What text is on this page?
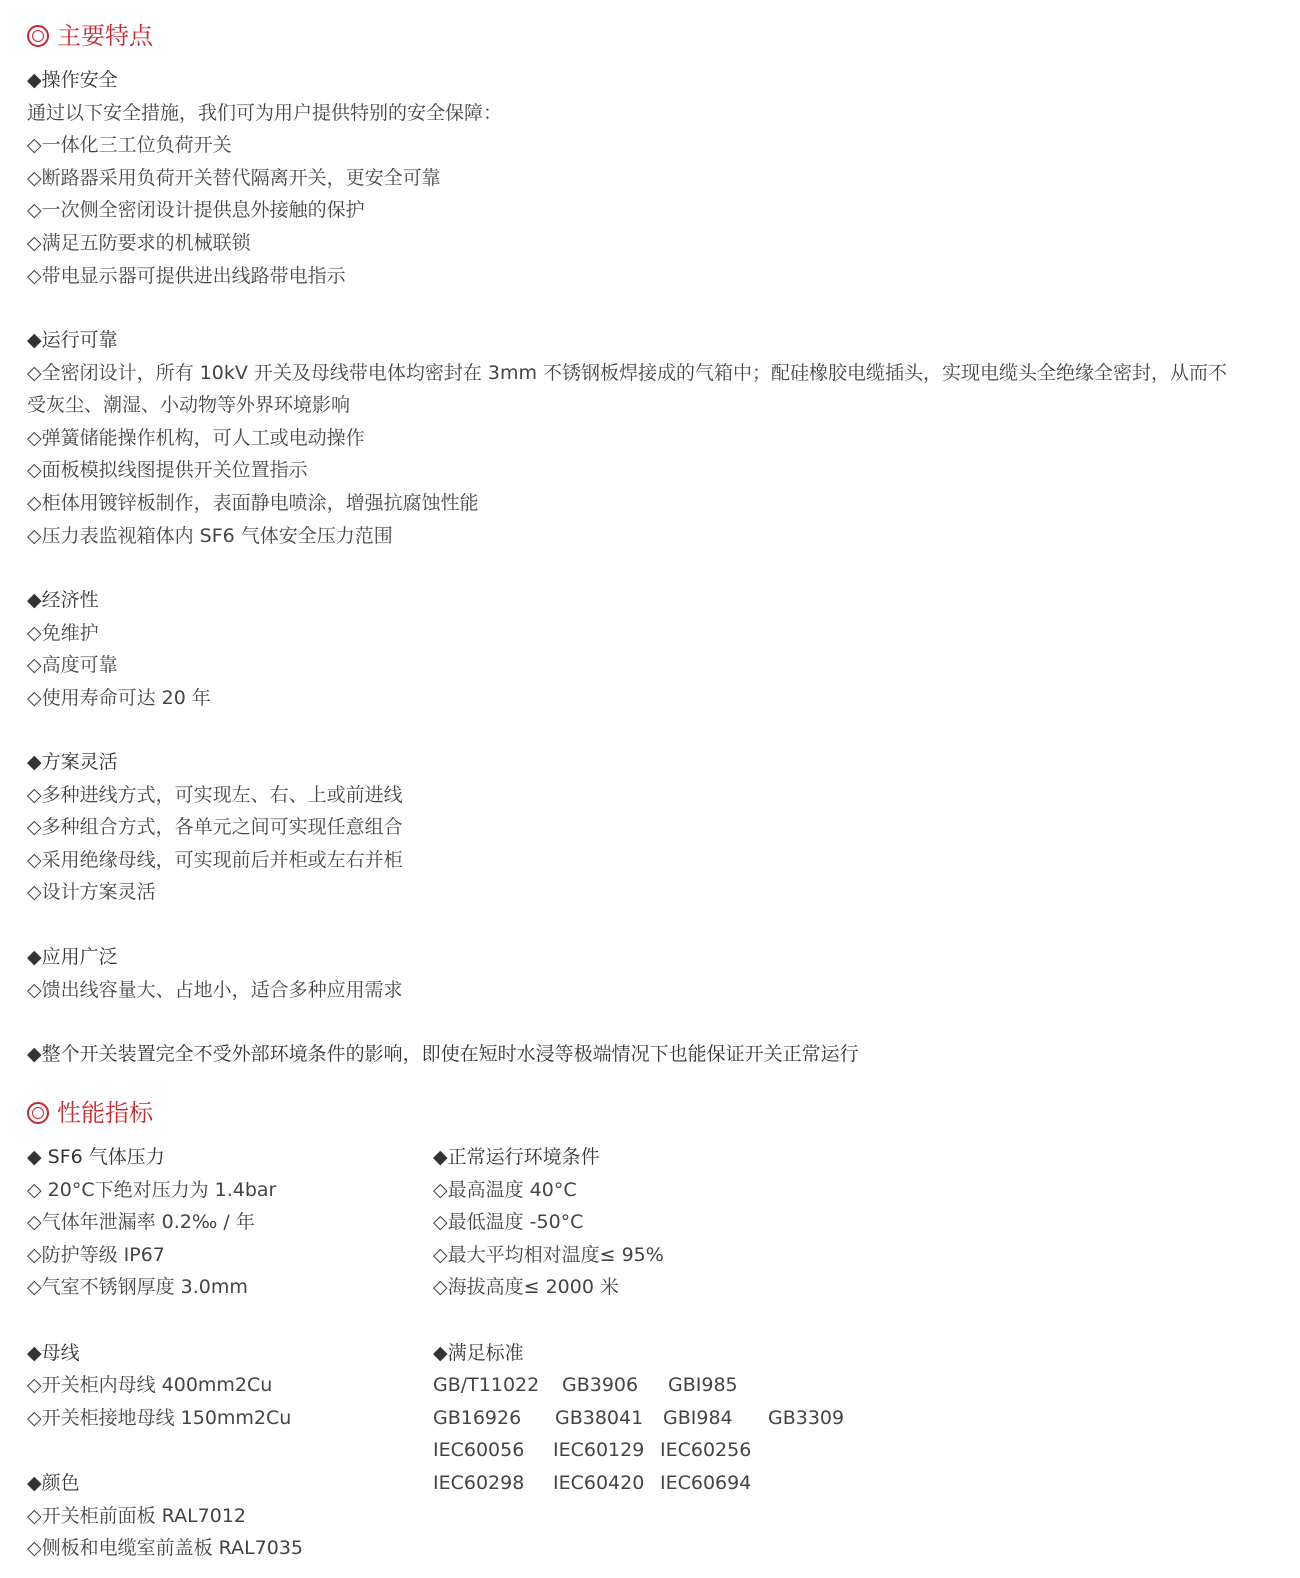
主要特点
◆操作安全
通过以下安全措施，我们可为用户提供特别的安全保障：
◇一体化三工位负荷开关
◇断路器采用负荷开关替代隔离开关，更安全可靠
◇一次侧全密闭设计提供息外接触的保护
◇满足五防要求的机械联锁
◇带电显示器可提供进出线路带电指示
◆运行可靠
◇全密闭设计，所有 10kV 开关及母线带电体均密封在 3mm 不锈钢板焊接成的气箱中；配硅橡胶电缆插头，实现电缆头全绝缘全密封，从而不受灰尘、潮湿、小动物等外界环境影响
◇弹簧储能操作机构，可人工或电动操作
◇面板模拟线图提供开关位置指示
◇柜体用镀锌板制作，表面静电喷涂，增强抗腐蚀性能
◇压力表监视箱体内 SF6 气体安全压力范围
◆经济性
◇免维护
◇高度可靠
◇使用寿命可达 20 年
◆方案灵活
◇多种进线方式，可实现左、右、上或前进线
◇多种组合方式，各单元之间可实现任意组合
◇采用绝缘母线，可实现前后并柜或左右并柜
◇设计方案灵活
◆应用广泛
◇馈出线容量大、占地小，适合多种应用需求
◆整个开关装置完全不受外部环境条件的影响，即使在短时水浸等极端情况下也能保证开关正常运行
性能指标
◆ SF6 气体压力
◇ 20°C下绝对压力为 1.4bar
◇气体年泄漏率 0.2‰ / 年
◇防护等级 IP67
◇气室不锈钢厚度 3.0mm
◆母线
◇开关柜内母线 400mm2Cu
◇开关柜接地母线 150mm2Cu
◆颜色
◇开关柜前面板 RAL7012
◇侧板和电缆室前盖板 RAL7035
◆正常运行环境条件
◇最高温度 40°C
◇最低温度 -50°C
◇最大平均相对温度≤ 95%
◇海拔高度≤ 2000 米
◆满足标准
GB/T11022 GB3906 GBI985
GB16926 GB38041 GBI984 GB3309
IEC60056 IEC60129 IEC60256
IEC60298 IEC60420 IEC60694
